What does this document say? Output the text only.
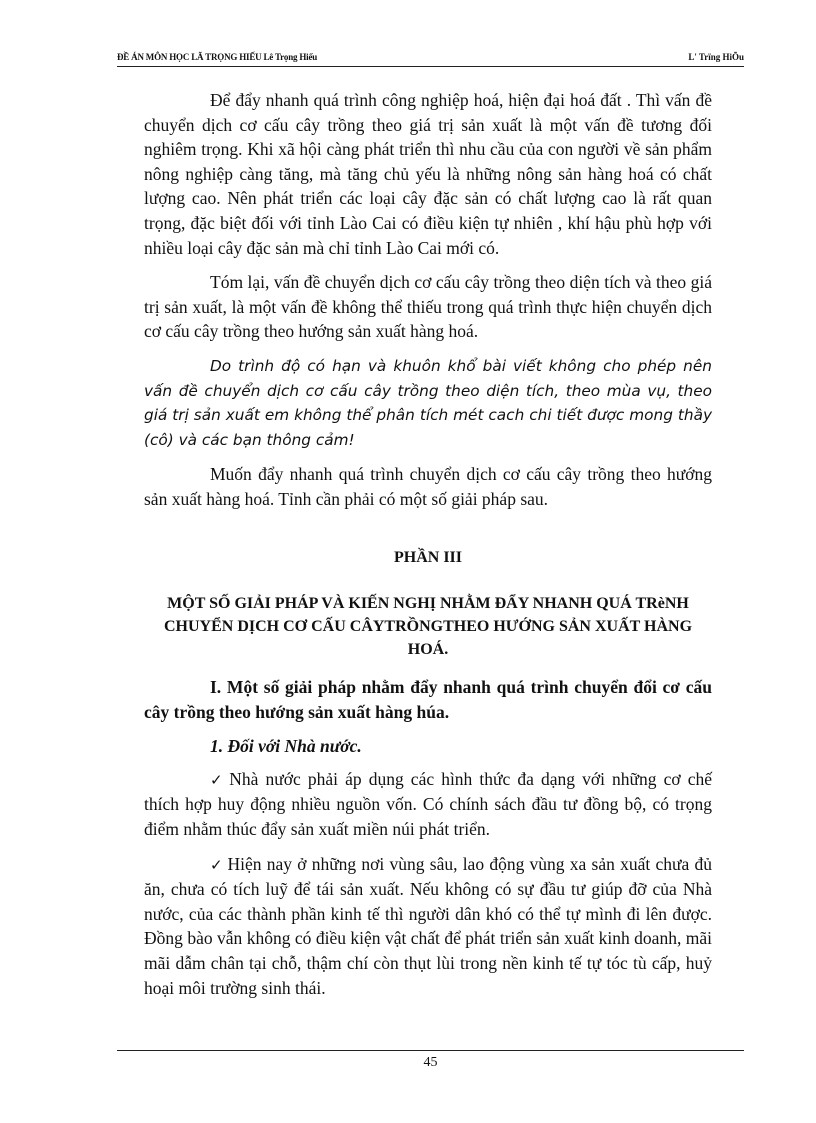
ĐỀ ÁN MÔN HỌC LÃ TRỌNG HIẾU Lê Trọng Hiếu	L' Trïng HiÕu

Để đẩy nhanh quá trình công nghiệp hoá, hiện đại hoá đất . Thì vấn đề chuyển dịch cơ cấu cây trồng theo giá trị sản xuất là một vấn đề tương đối nghiêm trọng. Khi xã hội càng phát triển thì nhu cầu của con người về sản phẩm nông nghiệp càng tăng, mà tăng chủ yếu là những nông sản hàng hoá có chất lượng cao. Nên phát triển các loại cây đặc sản có chất lượng cao là rất quan trọng, đặc biệt đối với tỉnh Lào Cai có điều kiện tự nhiên , khí hậu phù hợp với nhiều loại cây đặc sản mà chỉ tỉnh Lào Cai mới có.

Tóm lại, vấn đề chuyển dịch cơ cấu cây trồng theo diện tích và theo giá trị sản xuất, là một vấn đề không thể thiếu trong quá trình thực hiện chuyển dịch cơ cấu cây trồng theo hướng sản xuất hàng hoá.

Do trình độ có hạn và khuôn khổ bài viết không cho phép nên vấn đề chuyển dịch cơ cấu cây trồng theo diện tích, theo mùa vụ, theo giá trị sản xuất em không thể phân tích mét cach chi tiết được mong thầy (cô) và các bạn thông cảm!

Muốn đẩy nhanh quá trình chuyển dịch cơ cấu cây trồng theo hướng sản xuất hàng hoá. Tỉnh cần phải có một số giải pháp sau.

PHẦN III
MỘT SỐ GIẢI PHÁP VÀ KIẾN NGHỊ NHẰM ĐẨY NHANH QUÁ TRèNH CHUYỂN DỊCH CƠ CẤU CÂYTRỒNGTHEO HƯỚNG SẢN XUẤT HÀNG HOÁ.
I. Một số giải pháp nhằm đẩy nhanh quá trình chuyển đổi cơ cấu cây trồng theo hướng sản xuất hàng húa.
1. Đối với Nhà nước.

✓ Nhà nước phải áp dụng các hình thức đa dạng với những cơ chế thích hợp huy động nhiều nguồn vốn. Có chính sách đầu tư đồng bộ, có trọng điểm nhằm thúc đẩy sản xuất miền núi phát triển.

✓ Hiện nay ở những nơi vùng sâu, lao động vùng xa sản xuất chưa đủ ăn, chưa có tích luỹ để tái sản xuất. Nếu không có sự đầu tư giúp đỡ của Nhà nước, của các thành phần kinh tế thì người dân khó có thể tự mình đi lên được. Đồng bào vẫn không có điều kiện vật chất để phát triển sản xuất kinh doanh, mãi mãi dẫm chân tại chỗ, thậm chí còn thụt lùi trong nền kinh tế tự tóc tù cấp, huỷ hoại môi trường sinh thái.

45
